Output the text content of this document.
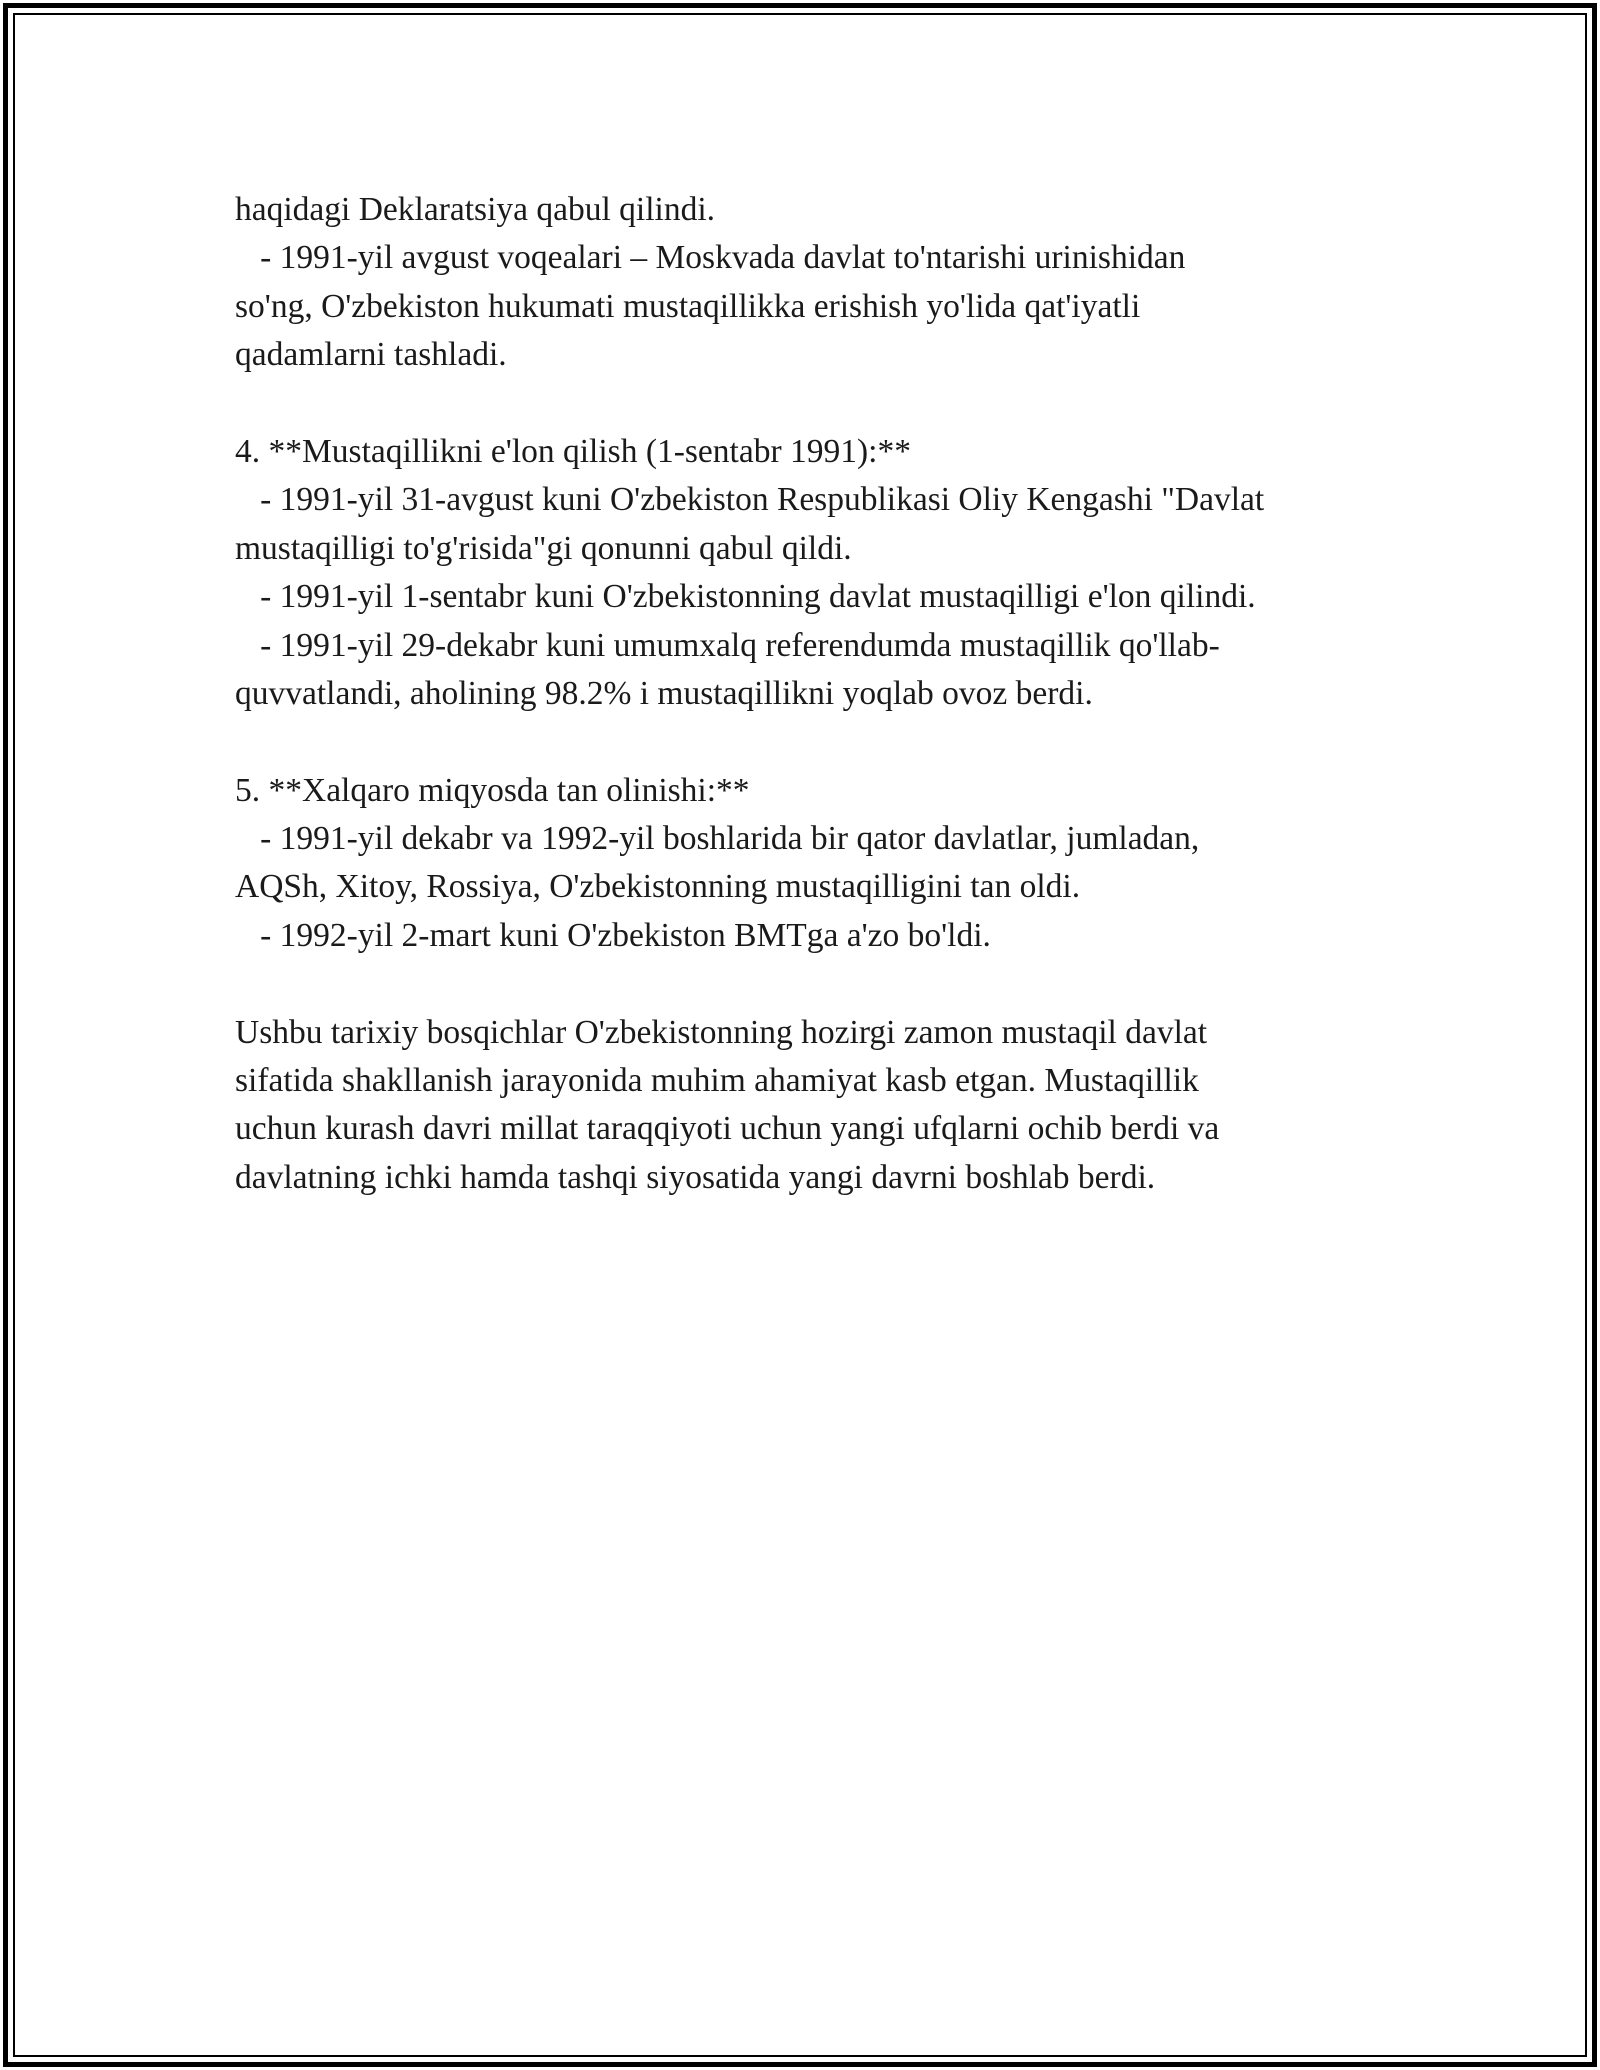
haqidagi Deklaratsiya qabul qilindi.
- 1991-yil avgust voqealari – Moskvada davlat to'ntarishi urinishidan
so'ng, O'zbekiston hukumati mustaqillikka erishish yo'lida qat'iyatli
qadamlarni tashladi.
4. **Mustaqillikni e'lon qilish (1-sentabr 1991):**
- 1991-yil 31-avgust kuni O'zbekiston Respublikasi Oliy Kengashi "Davlat
mustaqilligi to'g'risida"gi qonunni qabul qildi.
- 1991-yil 1-sentabr kuni O'zbekistonning davlat mustaqilligi e'lon qilindi.
- 1991-yil 29-dekabr kuni umumxalq referendumda mustaqillik qo'llab-
quvvatlandi, aholining 98.2% i mustaqillikni yoqlab ovoz berdi.
5. **Xalqaro miqyosda tan olinishi:**
- 1991-yil dekabr va 1992-yil boshlarida bir qator davlatlar, jumladan,
AQSh, Xitoy, Rossiya, O'zbekistonning mustaqilligini tan oldi.
- 1992-yil 2-mart kuni O'zbekiston BMTga a'zo bo'ldi.
Ushbu tarixiy bosqichlar O'zbekistonning hozirgi zamon mustaqil davlat
sifatida shakllanish jarayonida muhim ahamiyat kasb etgan. Mustaqillik
uchun kurash davri millat taraqqiyoti uchun yangi ufqlarni ochib berdi va
davlatning ichki hamda tashqi siyosatida yangi davrni boshlab berdi.
